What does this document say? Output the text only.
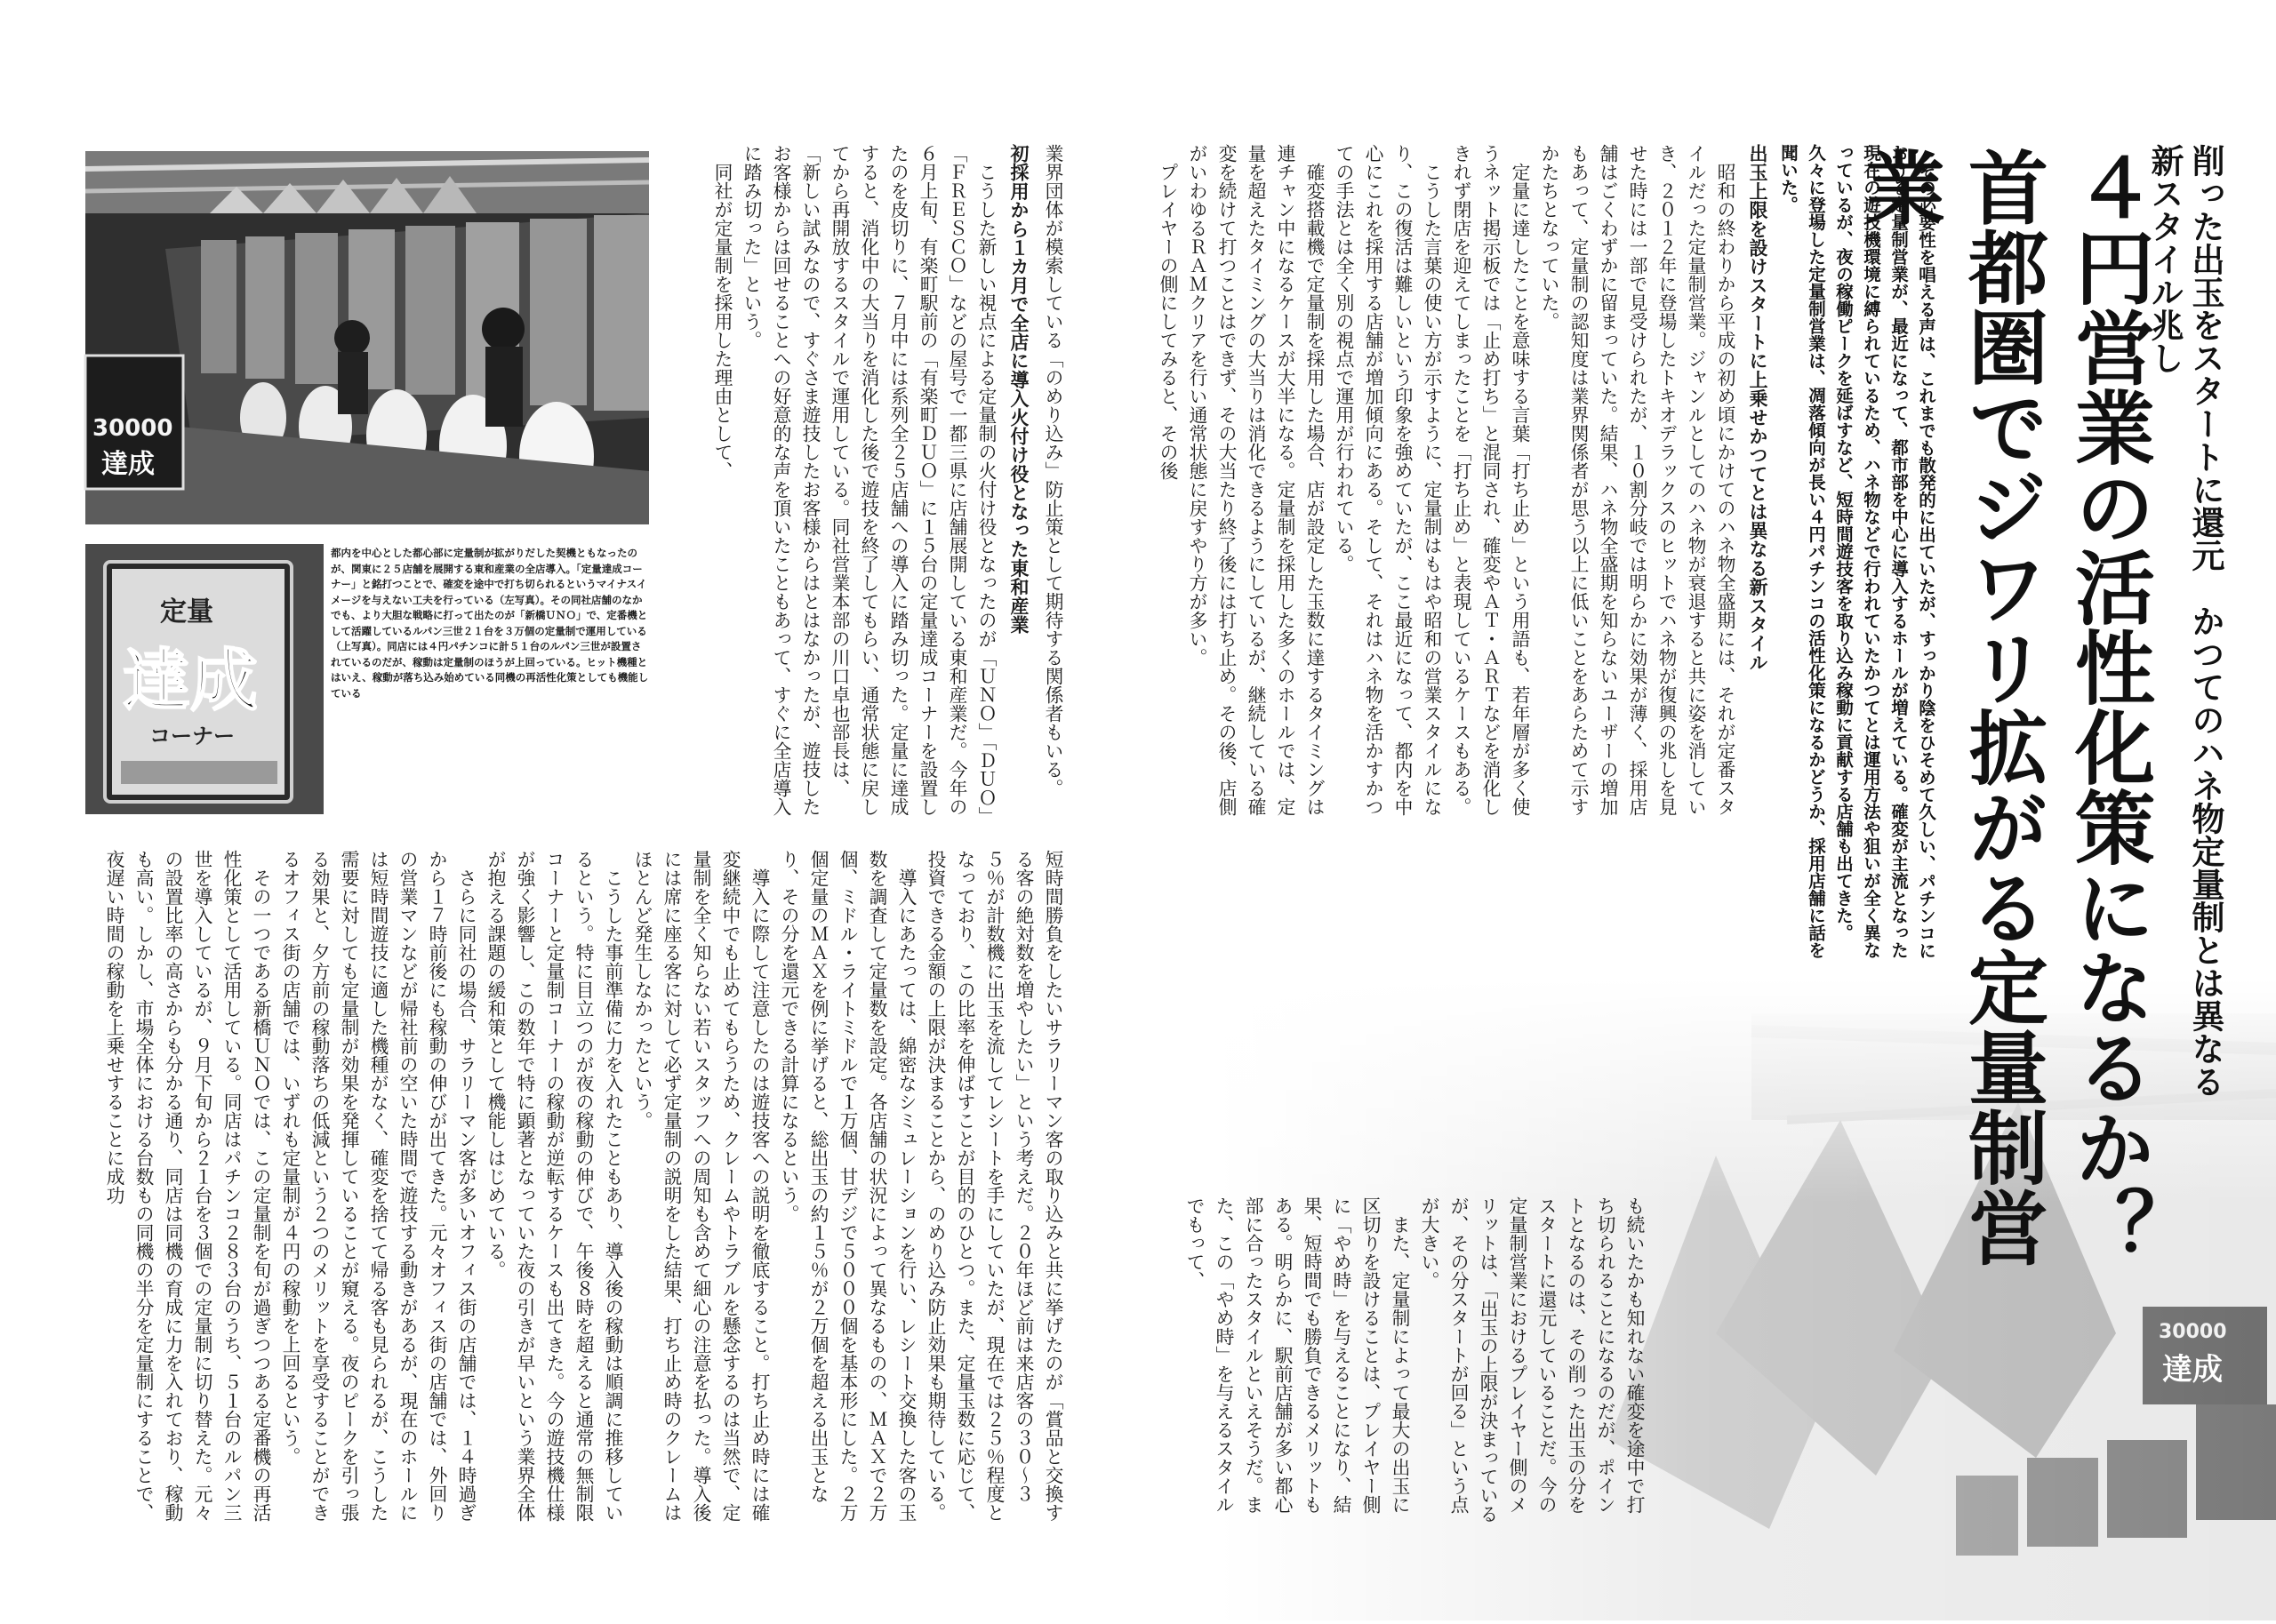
削った出玉をスタートに還元　かつてのハネ物定量制とは異なる新スタイル兆し
４円営業の活性化策になるか？
首都圏でジワリ拡がる定量制営業

その必要性を唱える声は、これまでも散発的に出ていたが、すっかり陰をひそめて久しい、パチンコにおける定量制営業が、最近になって、都市部を中心に導入するホールが増えている。確変が主流となった現在の遊技機環境に縛られているため、ハネ物などで行われていたかつてとは運用方法や狙いが全く異なっているが、夜の稼働ピークを延ばすなど、短時間遊技客を取り込み稼動に貢献する店舗も出てきた。久々に登場した定量制営業は、凋落傾向が長い４円パチンコの活性化策になるかどうか、採用店舗に話を聞いた。

出玉上限を設けスタートに上乗せかつてとは異なる新スタイル

昭和の終わりから平成の初め頃にかけてのハネ物全盛期には、それが定番スタイルだった定量制営業。ジャンルとしてのハネ物が衰退すると共に姿を消していき、２０１２年に登場したトキオデラックスのヒットでハネ物が復興の兆しを見せた時には一部で見受けられたが、１０割分岐では明らかに効果が薄く、採用店舗はごくわずかに留まっていた。結果、ハネ物全盛期を知らないユーザーの増加もあって、定量制の認知度は業界関係者が思う以上に低いことをあらためて示すかたちとなっていた。

定量に達したことを意味する言葉「打ち止め」という用語も、若年層が多く使うネット掲示板では「止め打ち」と混同され、確変やＡＴ・ＡＲＴなどを消化しきれず閉店を迎えてしまったことを「打ち止め」と表現しているケースもある。

こうした言葉の使い方が示すように、定量制はもはや昭和の営業スタイルになり、この復活は難しいという印象を強めていたが、ここ最近になって、都内を中心にこれを採用する店舗が増加傾向にある。そして、それはハネ物を活かすかつての手法とは全く別の視点で運用が行われている。

確変搭載機で定量制を採用した場合、店が設定した玉数に達するタイミングは連チャン中になるケースが大半になる。定量制を採用した多くのホールでは、定量を超えたタイミングの大当りは消化できるようにしているが、継続している確変を続けて打つことはできず、その大当たり終了後には打ち止め。その後、店側がいわゆるＲＡＭクリアを行い通常状態に戻すやり方が多い。

プレイヤーの側にしてみると、その後

も続いたかも知れない確変を途中で打ち切られることになるのだが、ポイントとなるのは、その削った出玉の分をスタートに還元していることだ。今の定量制営業におけるプレイヤー側のメリットは、「出玉の上限が決まっているが、その分スタートが回る」という点が大きい。

また、定量制によって最大の出玉に区切りを設けることは、プレイヤー側に「やめ時」を与えることになり、結果、短時間でも勝負できるメリットもある。明らかに、駅前店舗が多い都心部に合ったスタイルといえそうだ。また、この「やめ時」を与えるスタイルでもって、

30000
達成
定量
達成
コーナー

都内を中心とした都心部に定量制が拡がりだした契機ともなったのが、関東に２５店舗を展開する東和産業の全店導入。「定量達成コーナー」と銘打つことで、確変を途中で打ち切られるというマイナスイメージを与えない工夫を行っている（左写真）。その同社店舗のなかでも、より大胆な戦略に打って出たのが「新橋ＵＮＯ」で、定番機として活躍しているルパン三世２１台を３万個の定量制で運用している（上写真）。同店には４円パチンコに計５１台のルパン三世が設置されているのだが、稼動は定量制のほうが上回っている。ヒット機種とはいえ、稼動が落ち込み始めている同機の再活性化策としても機能している	業界団体が模索している「のめり込み」防止策として期待する関係者もいる。

初採用から１カ月で全店に導入火付け役となった東和産業

こうした新しい視点による定量制の火付け役となったのが「ＵＮＯ」「ＤＵＯ」「ＦＲＥＳＣＯ」などの屋号で一都三県に店舗展開している東和産業だ。今年の６月上旬、有楽町駅前の「有楽町ＤＵＯ」に１５台の定量達成コーナーを設置したのを皮切りに、７月中には系列全２５店舗への導入に踏み切った。定量に達成すると、消化中の大当りを消化した後で遊技を終了してもらい、通常状態に戻してから再開放するスタイルで運用している。同社営業本部の川口卓也部長は、「新しい試みなので、すぐさま遊技したお客様からはとはなかったが、遊技したお客様からは回せることへの好意的な声を頂いたこともあって、すぐに全店導入に踏み切った」という。

同社が定量制を採用した理由として、

短時間勝負をしたいサラリーマン客の取り込みと共に挙げたのが「賞品と交換する客の絶対数を増やしたい」という考えだ。２０年ほど前は来店客の３０〜３５％が計数機に出玉を流してレシートを手にしていたが、現在では２５％程度となっており、この比率を伸ばすことが目的のひとつ。また、定量玉数に応じて、投資できる金額の上限が決まることから、のめり込み防止効果も期待している。

導入にあたっては、綿密なシミュレーションを行い、レシート交換した客の玉数を調査して定量数を設定。各店舗の状況によって異なるものの、ＭＡＸで２万個、ミドル・ライトミドルで１万個、甘デジで５０００個を基本形にした。２万個定量のＭＡＸを例に挙げると、総出玉の約１５％が２万個を超える出玉となり、その分を還元できる計算になるという。

導入に際して注意したのは遊技客への説明を徹底すること。打ち止め時には確変継続中でも止めてもらうため、クレームやトラブルを懸念するのは当然で、定量制を全く知らない若いスタッフへの周知も含めて細心の注意を払った。導入後には席に座る客に対して必ず定量制の説明をした結果、打ち止め時のクレームはほとんど発生しなかったという。

こうした事前準備に力を入れたこともあり、導入後の稼動は順調に推移しているという。特に目立つのが夜の稼動の伸びで、午後８時を超えると通常の無制限

コーナーと定量制コーナーの稼動が逆転するケースも出てきた。今の遊技機仕様が強く影響し、この数年で特に顕著となっていた夜の引きが早いという業界全体が抱える課題の緩和策として機能しはじめている。

さらに同社の場合、サラリーマン客が多いオフィス街の店舗では、１４時過ぎから１７時前後にも稼動の伸びが出てきた。元々オフィス街の店舗では、外回りの営業マンなどが帰社前の空いた時間で遊技する動きがあるが、現在のホールには短時間遊技に適した機種がなく、確変を捨てて帰る客も見られるが、こうした需要に対しても定量制が効果を発揮していることが窺える。夜のピークを引っ張る効果と、夕方前の稼動落ちの低減という２つのメリットを享受することができるオフィス街の店舗では、いずれも定量制が４円の稼動を上回るという。

その一つである新橋ＵＮＯでは、この定量制を旬が過ぎつつある定番機の再活性化策として活用している。同店はパチンコ２８３台のうち、５１台のルパン三世を導入しているが、９月下旬から２１台を３個での定量制に切り替えた。元々の設置比率の高さからも分かる通り、同店は同機の育成に力を入れており、稼動も高い。しかし、市場全体における台数もの同機の半分を定量制にすることで、夜遅い時間の稼動を上乗せすることに成功
